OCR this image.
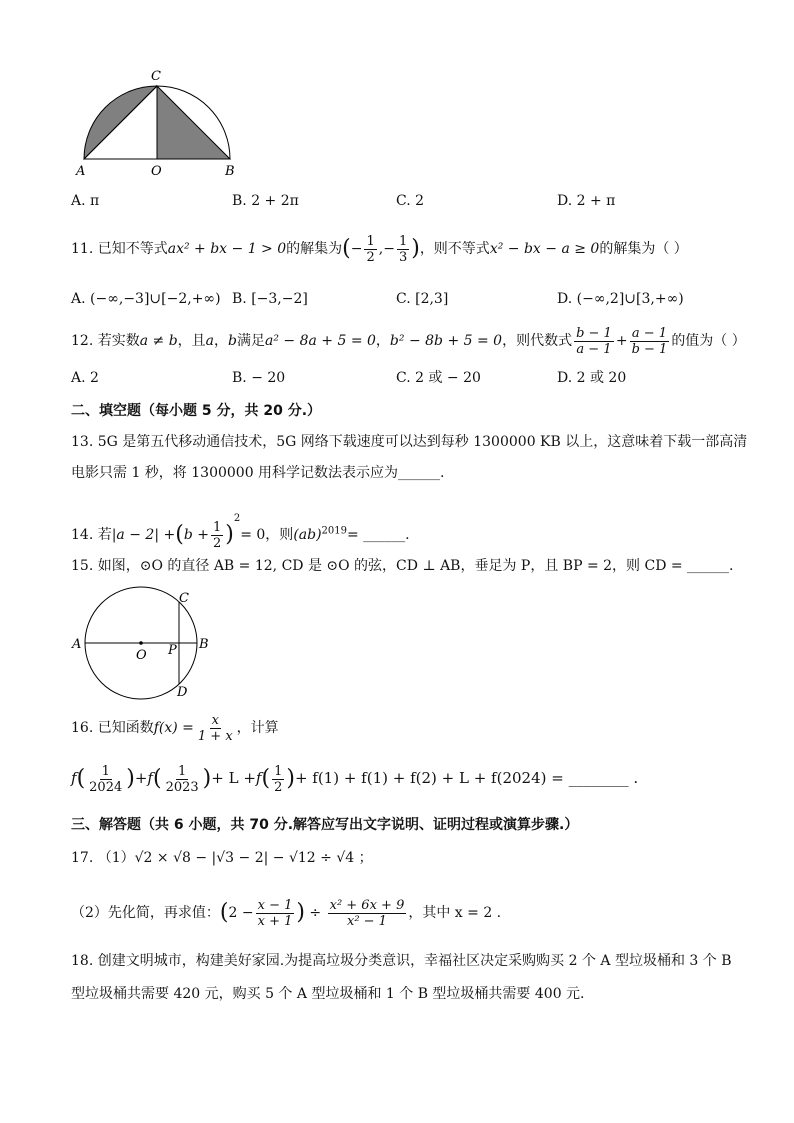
C
A	O	B
A. π	B. 2 + 2π	C. 2	D. 2 + π
11. 已知不等式ax² + bx − 1 > 0的解集为(− $\frac{1}{2}$ ,− $\frac{1}{3}$ )，则不等式x² − bx − a ≥ 0的解集为（ ）
A. (−∞,−3]∪[−2,+∞) B. [−3,−2]	C. [2,3]	D. (−∞,2]∪[3,+∞)
12. 若实数a ≠ b，且a，b满足a² − 8a + 5 = 0，b² − 8b + 5 = 0，则代数式 $\frac{b - 1}{a - 1} + \frac{a - 1}{b - 1}$ 的值为（ ）
A. 2	B. − 20	C. 2 或 − 20	D. 2 或 20
二、填空题（每小题 5 分，共 20 分.）
13. 5G 是第五代移动通信技术，5G 网络下载速度可以达到每秒 1300000 KB 以上，这意味着下载一部高清
电影只需 1 秒，将 1300000 用科学记数法表示应为______.
14. 若$|a - 2| +(b + \frac{1}{2} )^2= 0$，则(ab)$^{2019}$= ______.
15. 如图，⊙O 的直径 AB = 12, CD 是 ⊙O 的弦，CD ⊥ AB，垂足为 P，且 BP = 2，则 CD = ______.
A
O P B
C
D
16. 已知函数$f(x) = \frac{x}{1 + x}$ ，计算
$f( \frac{1}{2024} )+f( \frac{1}{2023}$ )+ $L +f( \frac{1}{2}$ )+ f(1) + f(1) + f(2) + L + f(2024) = ________ .
三、解答题（共 6 小题，共 70 分.解答应写出文字说明、证明过程或演算步骤.）
17. （1）√2 × √8 − |√3 − 2| − √12 ÷ √4 ；
（2）先化简，再求值：($2 - \frac{x - 1}{x + 1}$ ) ÷ $\frac{\text{x² + 6x + 9}}{\text{x² − 1}}$ ，其中 x = 2 .
18. 创建文明城市，构建美好家园.为提高垃圾分类意识，幸福社区决定采购购买 2 个 A 型垃圾桶和 3 个 B
型垃圾桶共需要 420 元，购买 5 个 A 型垃圾桶和 1 个 B 型垃圾桶共需要 400 元.
